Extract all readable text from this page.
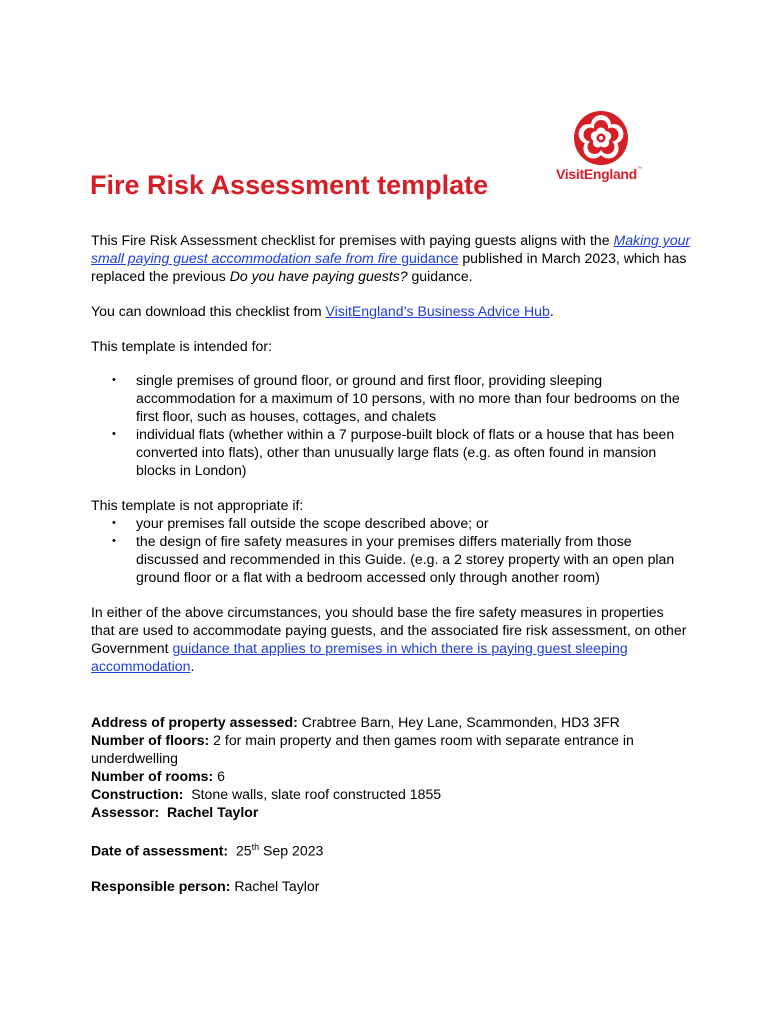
VisitEngland™
Fire Risk Assessment template

This Fire Risk Assessment checklist for premises with paying guests aligns with the Making your small paying guest accommodation safe from fire guidance published in March 2023, which has replaced the previous Do you have paying guests? guidance.

You can download this checklist from VisitEngland’s Business Advice Hub.

This template is intended for:

• single premises of ground floor, or ground and first floor, providing sleeping accommodation for a maximum of 10 persons, with no more than four bedrooms on the first floor, such as houses, cottages, and chalets
• individual flats (whether within a 7 purpose-built block of flats or a house that has been converted into flats), other than unusually large flats (e.g. as often found in mansion blocks in London)

This template is not appropriate if:

• your premises fall outside the scope described above; or
• the design of fire safety measures in your premises differs materially from those discussed and recommended in this Guide. (e.g. a 2 storey property with an open plan ground floor or a flat with a bedroom accessed only through another room)

In either of the above circumstances, you should base the fire safety measures in properties that are used to accommodate paying guests, and the associated fire risk assessment, on other Government guidance that applies to premises in which there is paying guest sleeping accommodation.

Address of property assessed: Crabtree Barn, Hey Lane, Scammonden, HD3 3FR

Number of floors: 2 for main property and then games room with separate entrance in underdwelling

Number of rooms: 6

Construction:  Stone walls, slate roof constructed 1855

Assessor:  Rachel Taylor

Date of assessment:  25th Sep 2023

Responsible person: Rachel Taylor
